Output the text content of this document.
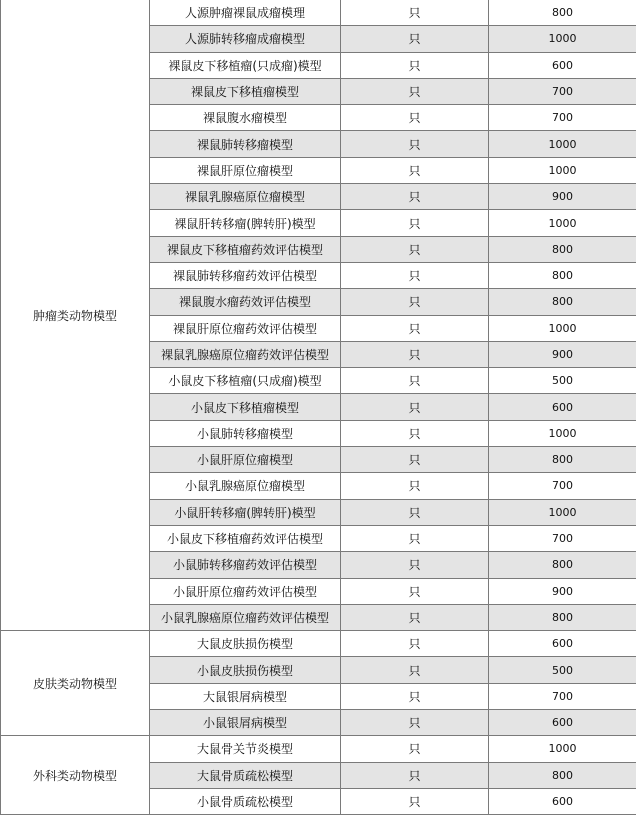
肿瘤类动物模型	人源肿瘤裸鼠成瘤模理	只	800
	人源肺转移瘤成瘤模型	只	1000
	裸鼠皮下移植瘤(只成瘤)模型	只	600
	裸鼠皮下移植瘤模型	只	700
	裸鼠腹水瘤模型	只	700
	裸鼠肺转移瘤模型	只	1000
	裸鼠肝原位瘤模型	只	1000
	裸鼠乳腺癌原位瘤模型	只	900
	裸鼠肝转移瘤(脾转肝)模型	只	1000
	裸鼠皮下移植瘤药效评估模型	只	800
	裸鼠肺转移瘤药效评估模型	只	800
	裸鼠腹水瘤药效评估模型	只	800
	裸鼠肝原位瘤药效评估模型	只	1000
	裸鼠乳腺癌原位瘤药效评估模型	只	900
	小鼠皮下移植瘤(只成瘤)模型	只	500
	小鼠皮下移植瘤模型	只	600
	小鼠肺转移瘤模型	只	1000
	小鼠肝原位瘤模型	只	800
	小鼠乳腺癌原位瘤模型	只	700
	小鼠肝转移瘤(脾转肝)模型	只	1000
	小鼠皮下移植瘤药效评估模型	只	700
	小鼠肺转移瘤药效评估模型	只	800
	小鼠肝原位瘤药效评估模型	只	900
	小鼠乳腺癌原位瘤药效评估模型	只	800
皮肤类动物模型	大鼠皮肤损伤模型	只	600
	小鼠皮肤损伤模型	只	500
	大鼠银屑病模型	只	700
	小鼠银屑病模型	只	600
外科类动物模型	大鼠骨关节炎模型	只	1000
	大鼠骨质疏松模型	只	800
	小鼠骨质疏松模型	只	600
